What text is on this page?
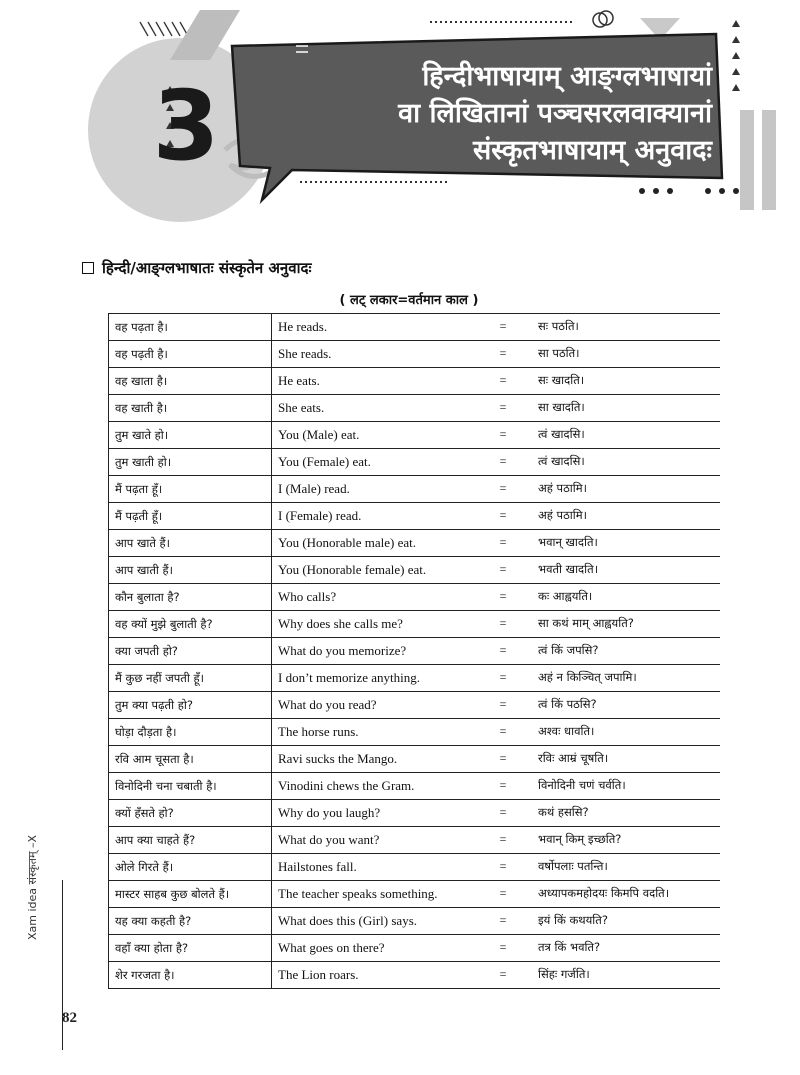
3	हिन्दीभाषायाम् आङ्ग्लभाषायां
वा लिखितानां पञ्चसरलवाक्यानां
संस्कृतभाषायाम् अनुवादः
हिन्दी/आङ्ग्लभाषातः संस्कृतेन अनुवादः
( लट् लकार=वर्तमान काल )
वह पढ़ता है।	He reads. = सः पठति।

वह पढ़ती है।	She reads. = सा पठति।

वह खाता है।	He eats. = सः खादति।

वह खाती है।	She eats. = सा खादति।

तुम खाते हो।	You (Male) eat. = त्वं खादसि।

तुम खाती हो।	You (Female) eat. = त्वं खादसि।

मैं पढ़ता हूँ।	I (Male) read. = अहं पठामि।

मैं पढ़ती हूँ।	I (Female) read. = अहं पठामि।

आप खाते हैं।	You (Honorable male) eat. = भवान् खादति।

आप खाती हैं।	You (Honorable female) eat. = भवती खादति।

कौन बुलाता है?	Who calls? = कः आह्वयति।

वह क्यों मुझे बुलाती है?	Why does she calls me? = सा कथं माम् आह्वयति?

क्या जपती हो?	What do you memorize? = त्वं किं जपसि?

मैं कुछ नहीं जपती हूँ।	I don’t memorize anything. = अहं न किञ्चित् जपामि।

तुम क्या पढ़ती हो?	What do you read? = त्वं किं पठसि?

घोड़ा दौड़ता है।	The horse runs. = अश्वः धावति।

रवि आम चूसता है।	Ravi sucks the Mango. = रविः आम्रं चूषति।

विनोदिनी चना चबाती है।	Vinodini chews the Gram. = विनोदिनी चणं चर्वति।

क्यों हँसते हो?	Why do you laugh? = कथं हससि?

आप क्या चाहते हैं?	What do you want? = भवान् किम् इच्छति?

ओले गिरते हैं।	Hailstones fall. = वर्षोपलाः पतन्ति।

मास्टर साहब कुछ बोलते हैं।	The teacher speaks something. = अध्यापकमहोदयः किमपि वदति।

यह क्या कहती है?	What does this (Girl) says. = इयं किं कथयति?

वहाँ क्या होता है?	What goes on there? = तत्र किं भवति?

शेर गरजता है।	The Lion roars. = सिंहः गर्जति।
Xam idea संस्कृतम् –X
82
